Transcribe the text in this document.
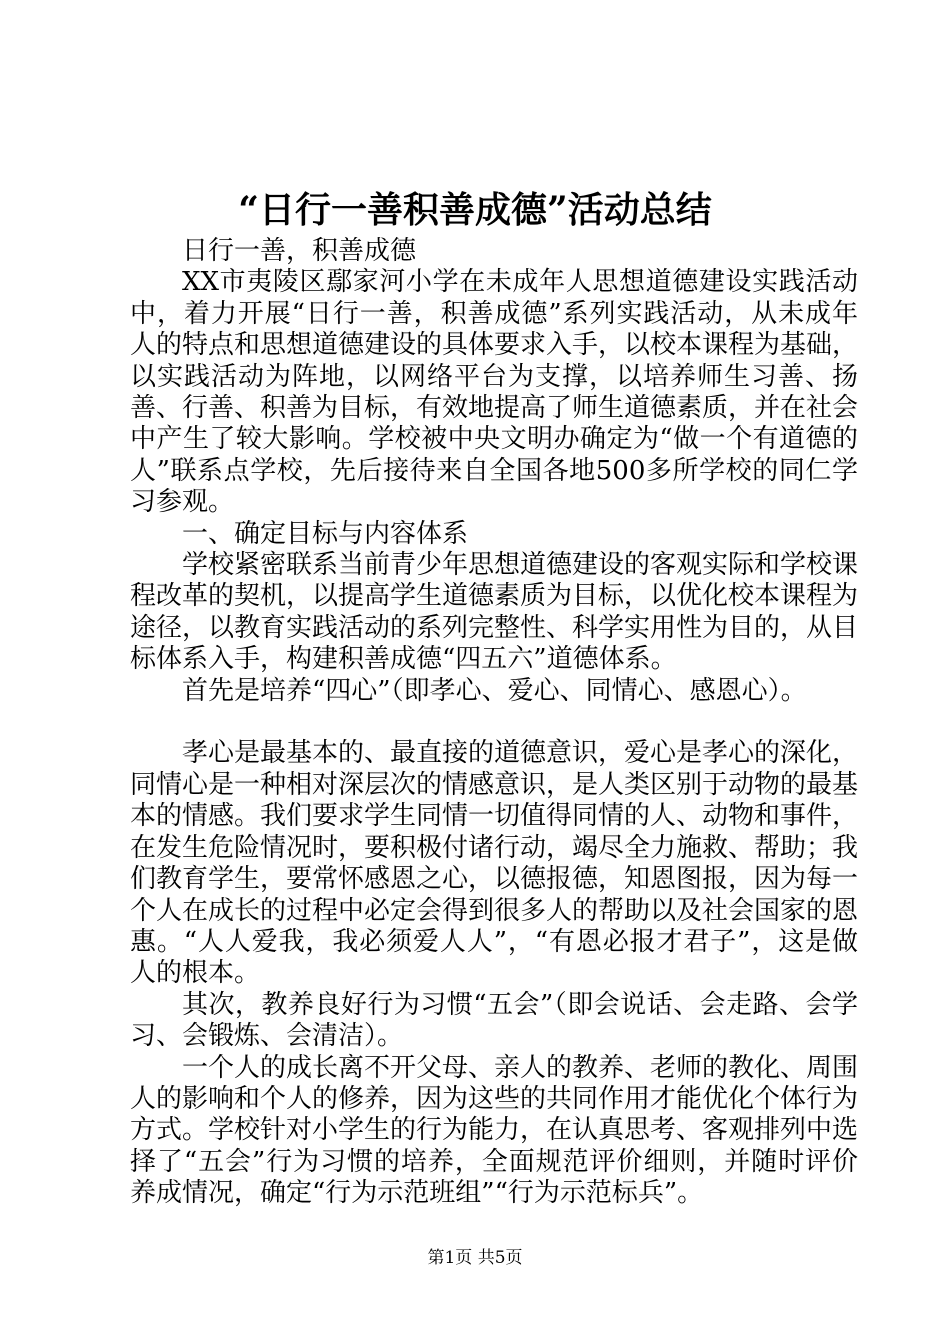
“日行一善积善成德”活动总结

日行一善，积善成德

XX市夷陵区鄢家河小学在未成年人思想道德建设实践活动中，着力开展“日行一善，积善成德”系列实践活动，从未成年人的特点和思想道德建设的具体要求入手，以校本课程为基础，以实践活动为阵地，以网络平台为支撑，以培养师生习善、扬善、行善、积善为目标，有效地提高了师生道德素质，并在社会中产生了较大影响。学校被中央文明办确定为“做一个有道德的人”联系点学校，先后接待来自全国各地500多所学校的同仁学习参观。

一、确定目标与内容体系

学校紧密联系当前青少年思想道德建设的客观实际和学校课程改革的契机，以提高学生道德素质为目标，以优化校本课程为途径，以教育实践活动的系列完整性、科学实用性为目的，从目标体系入手，构建积善成德“四五六”道德体系。

首先是培养“四心”（即孝心、爱心、同情心、感恩心）。

孝心是最基本的、最直接的道德意识，爱心是孝心的深化，同情心是一种相对深层次的情感意识，是人类区别于动物的最基本的情感。我们要求学生同情一切值得同情的人、动物和事件，在发生危险情况时，要积极付诸行动，竭尽全力施救、帮助；我们教育学生，要常怀感恩之心，以德报德，知恩图报，因为每一个人在成长的过程中必定会得到很多人的帮助以及社会国家的恩惠。“人人爱我，我必须爱人人”，“有恩必报才君子”，这是做人的根本。

其次，教养良好行为习惯“五会”（即会说话、会走路、会学习、会锻炼、会清洁）。

一个人的成长离不开父母、亲人的教养、老师的教化、周围人的影响和个人的修养，因为这些的共同作用才能优化个体行为方式。学校针对小学生的行为能力，在认真思考、客观排列中选择了“五会”行为习惯的培养，全面规范评价细则，并随时评价养成情况，确定“行为示范班组”“行为示范标兵”。

第1页 共5页
